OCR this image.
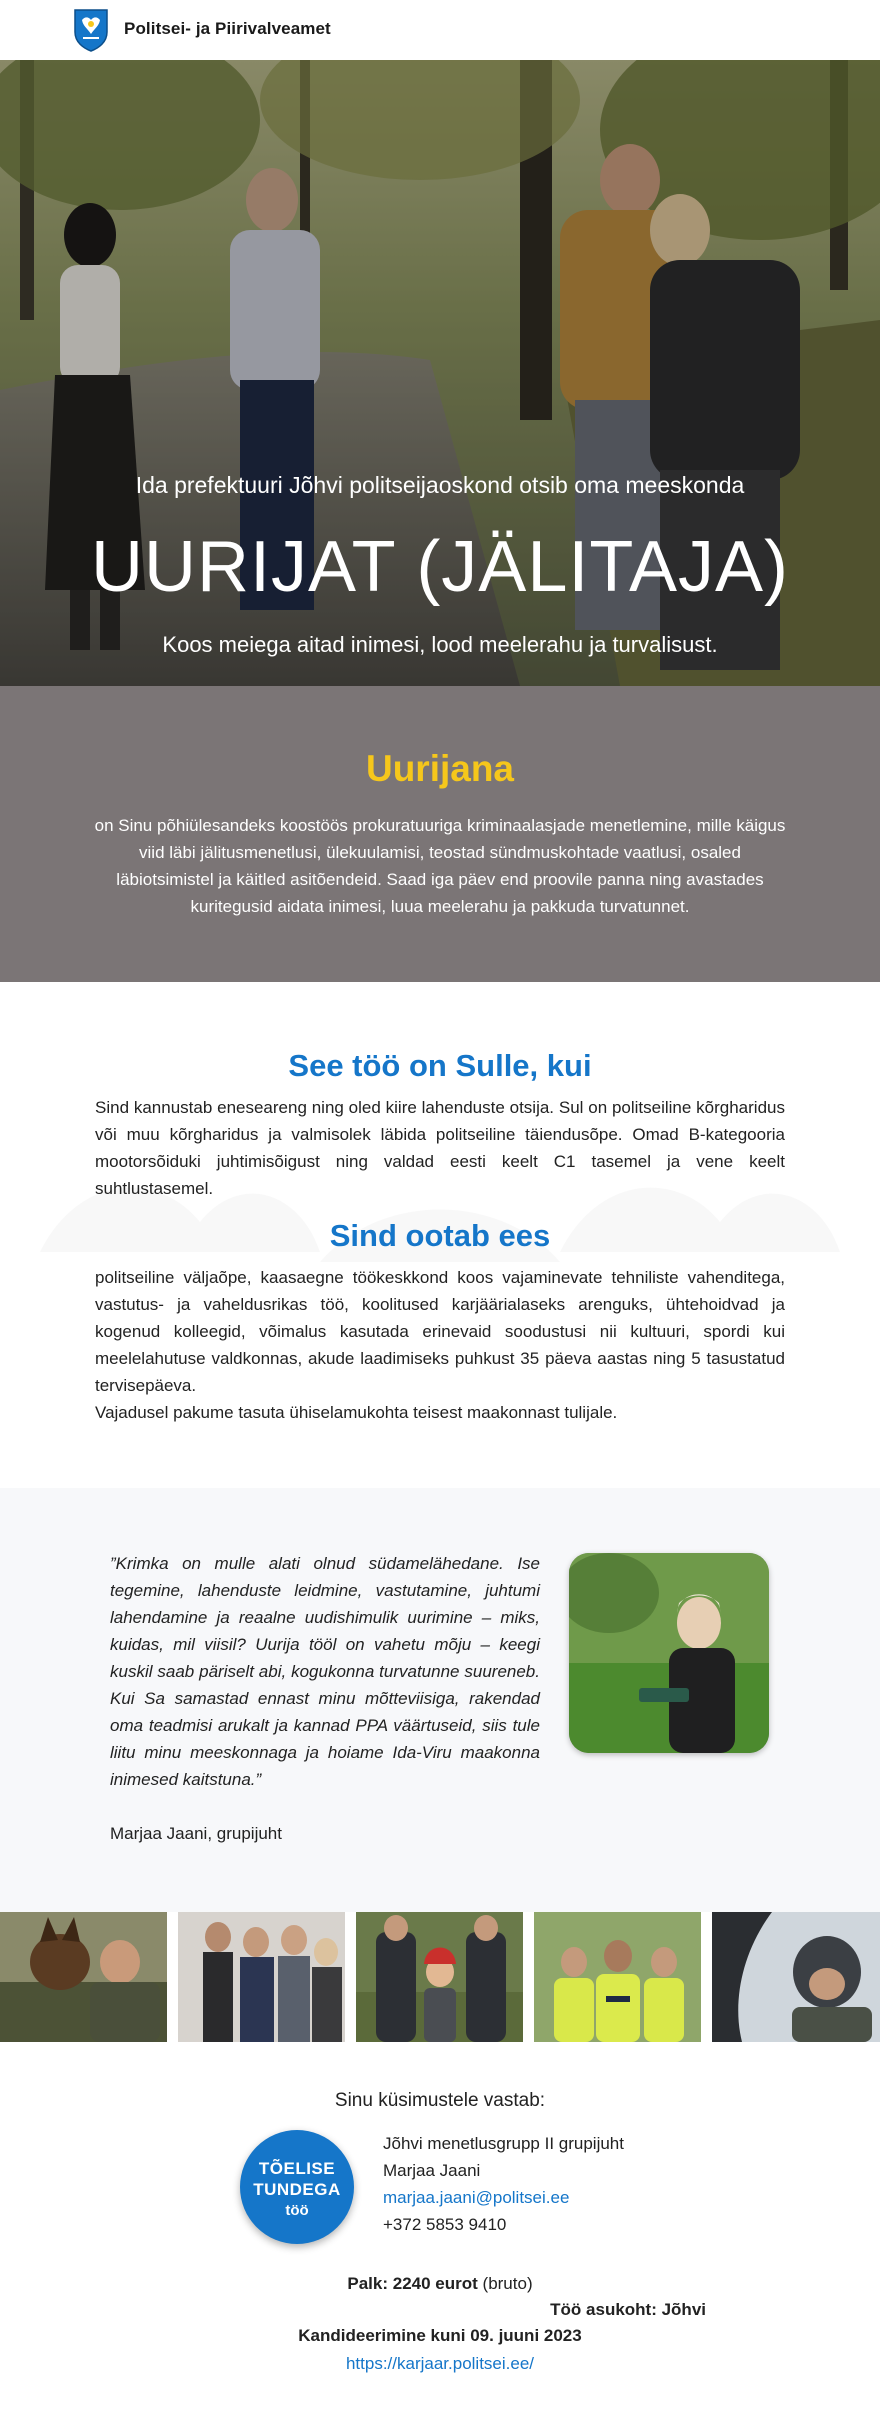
Politsei- ja Piirivalveamet
Ida prefektuuri Jõhvi politseijaoskond otsib oma meeskonda
UURIJAT (JÄLITAJA)
Koos meiega aitad inimesi, lood meelerahu ja turvalisust.
Uurijana

on Sinu põhiülesandeks koostöös prokuratuuriga kriminaalasjade menetlemine, mille käigus viid läbi jälitusmenetlusi, ülekuulamisi, teostad sündmuskohtade vaatlusi, osaled läbiotsimistel ja käitled asitõendeid. Saad iga päev end proovile panna ning avastades kuritegusid aidata inimesi, luua meelerahu ja pakkuda turvatunnet.

See töö on Sulle, kui

Sind kannustab eneseareng ning oled kiire lahenduste otsija. Sul on politseiline kõrgharidus või muu kõrgharidus ja valmisolek läbida politseiline täiendusõpe. Omad B-kategooria mootorsõiduki juhtimisõigust ning valdad eesti keelt C1 tasemel ja vene keelt suhtlustasemel.

Sind ootab ees

politseiline väljaõpe, kaasaegne töökeskkond koos vajaminevate tehniliste vahenditega, vastutus- ja vaheldusrikas töö, koolitused karjäärialaseks arenguks, ühtehoidvad ja kogenud kolleegid, võimalus kasutada erinevaid soodustusi nii kultuuri, spordi kui meelelahutuse valdkonnas, akude laadimiseks puhkust 35 päeva aastas ning 5 tasustatud tervisepäeva.

Vajadusel pakume tasuta ühiselamukohta teisest maakonnast tulijale.

”Krimka on mulle alati olnud südamelähedane. Ise tegemine, lahenduste leidmine, vastutamine, juhtumi lahendamine ja reaalne uudishimulik uurimine – miks, kuidas, mil viisil? Uurija tööl on vahetu mõju – keegi kuskil saab päriselt abi, kogukonna turvatunne suureneb. Kui Sa samastad ennast minu mõtteviisiga, rakendad oma teadmisi arukalt ja kannad PPA väärtuseid, siis tule liitu minu meeskonnaga ja hoiame Ida-Viru maakonna inimesed kaitstuna.”

Marjaa Jaani, grupijuht
Sinu küsimustele vastab:
TÕELISE
TUNDEGA
töö
Jõhvi menetlusgrupp II grupijuht
Marjaa Jaani
marjaa.jaani@politsei.ee
+372 5853 9410
Palk: 2240 eurot (bruto)
Töö asukoht: Jõhvi
Kandideerimine kuni 09. juuni 2023
https://karjaar.politsei.ee/
